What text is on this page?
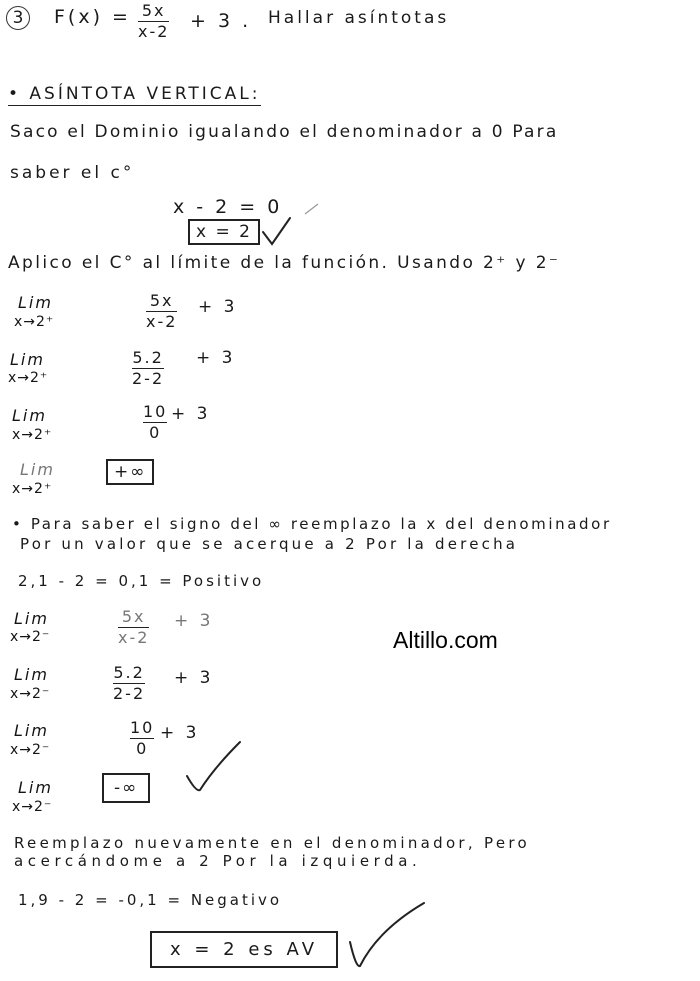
3	F(x) = 5x
x-2 + 3 . Hallar asíntotas
• ASÍNTOTA VERTICAL:
Saco el Dominio igualando el denominador a 0 Para
saber el c°
x - 2 = 0
x = 2
Aplico el C° al límite de la función. Usando 2⁺ y 2⁻
Lim
x→2⁺
5x
x-2
+ 3
Lim
x→2⁺
5.2
2-2
+ 3
Lim
x→2⁺
10
0
+ 3
Lim
x→2⁺
+∞
• Para saber el signo del ∞ reemplazo la x del denominador
Por un valor que se acerque a 2 Por la derecha
2,1 - 2 = 0,1 = Positivo
Lim
x→2⁻
5x
x-2
+ 3
Lim
x→2⁻
5.2
2-2
+ 3
Lim
x→2⁻
10
0
+ 3
Lim
x→2⁻
-∞
Reemplazo nuevamente en el denominador, Pero
acercándome a 2 Por la izquierda.
1,9 - 2 = -0,1 = Negativo
x = 2 es AV
Altillo.com
